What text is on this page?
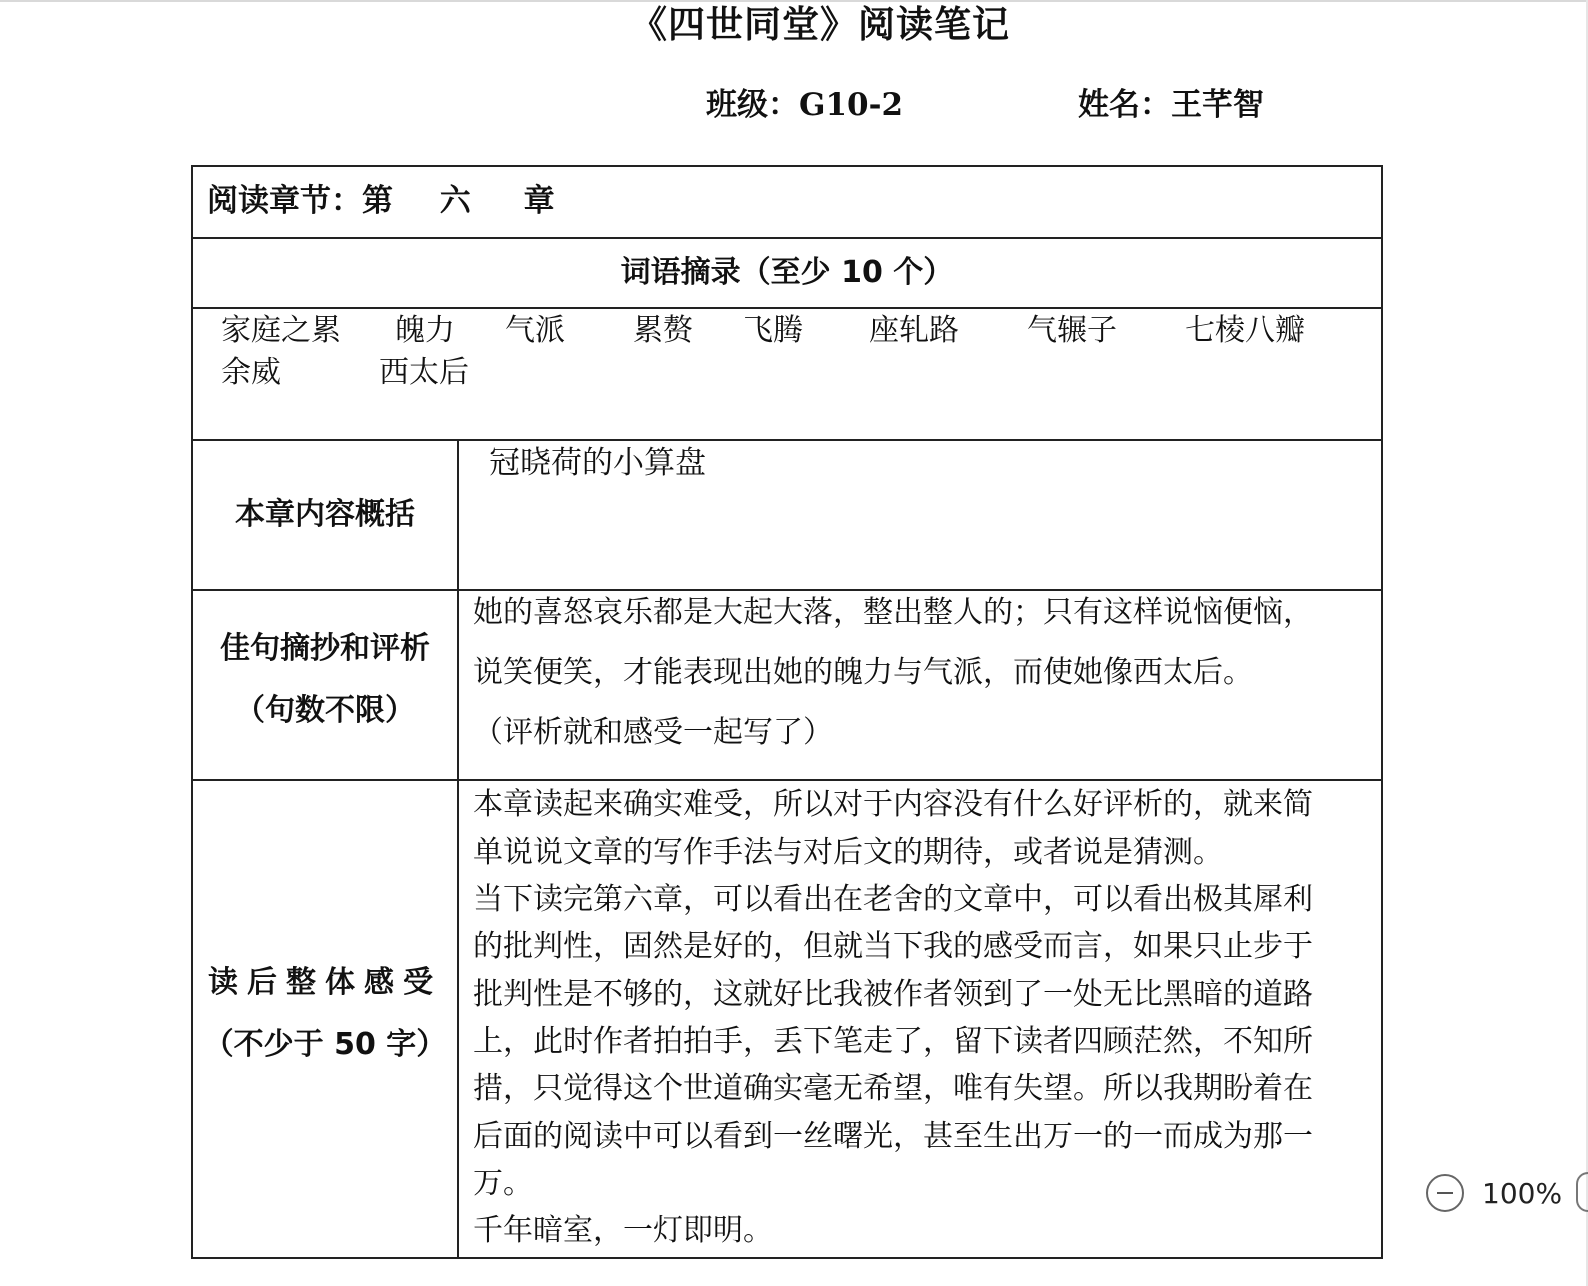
《四世同堂》阅读笔记
班级：G10-2	姓名：王芊智
阅读章节：第 六 章
词语摘录（至少 10 个）
家庭之累 魄力 气派 累赘 飞腾 座轧路 气辗子 七棱八瓣
余威	西太后
本章内容概括
冠晓荷的小算盘
佳句摘抄和评析
（句数不限）
她的喜怒哀乐都是大起大落，整出整人的；只有这样说恼便恼，
说笑便笑，才能表现出她的魄力与气派，而使她像西太后。
（评析就和感受一起写了）
读后整体感受
（不少于 50 字）
本章读起来确实难受，所以对于内容没有什么好评析的，就来简
单说说文章的写作手法与对后文的期待，或者说是猜测。
当下读完第六章，可以看出在老舍的文章中，可以看出极其犀利
的批判性，固然是好的，但就当下我的感受而言，如果只止步于
批判性是不够的，这就好比我被作者领到了一处无比黑暗的道路
上，此时作者拍拍手，丢下笔走了，留下读者四顾茫然，不知所
措，只觉得这个世道确实毫无希望，唯有失望。所以我期盼着在
后面的阅读中可以看到一丝曙光，甚至生出万一的一而成为那一
万。
千年暗室，一灯即明。
100%
